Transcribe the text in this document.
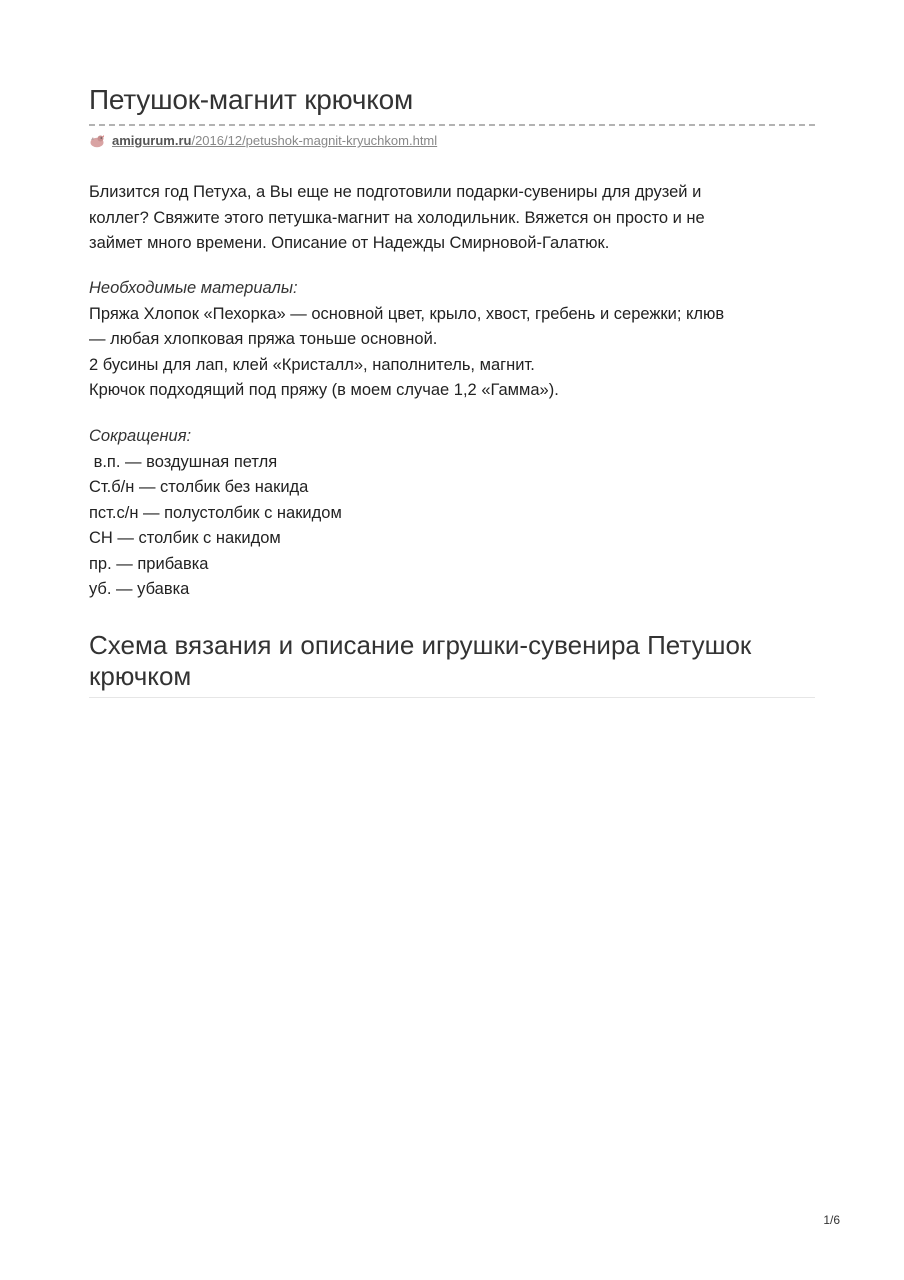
Петушок-магнит крючком
amigurum.ru/2016/12/petushok-magnit-kryuchkom.html

Близится год Петуха, а Вы еще не подготовили подарки-сувениры для друзей и

коллег? Свяжите этого петушка-магнит на холодильник. Вяжется он просто и не

займет много времени. Описание от Надежды Смирновой-Галатюк.

Необходимые материалы:

Пряжа Хлопок «Пехорка» — основной цвет, крыло, хвост, гребень и сережки; клюв

— любая хлопковая пряжа тоньше основной.

2 бусины для лап, клей «Кристалл», наполнитель, магнит.

Крючок подходящий под пряжу (в моем случае 1,2 «Гамма»).

Сокращения:

в.п. — воздушная петля

Ст.б/н — столбик без накида

пст.с/н — полустолбик с накидом

СН — столбик с накидом

пр. — прибавка

уб. — убавка

Схема вязания и описание игрушки-сувенира Петушок крючком
1/6
